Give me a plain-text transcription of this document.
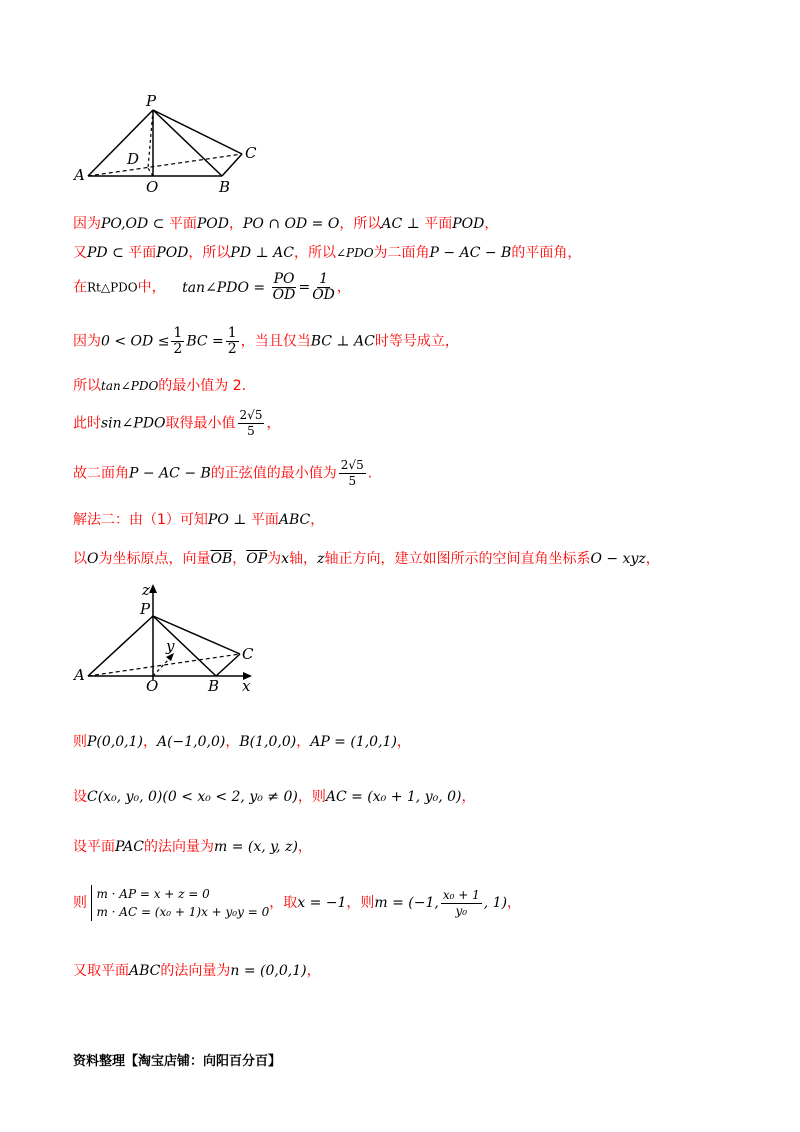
P
A
D
O	B
C
因为PO,OD ⊂ 平面POD，PO ∩ OD = O，所以AC ⊥ 平面POD，
又PD ⊂ 平面POD，所以PD ⊥ AC，所以∠PDO为二面角P − AC − B的平面角，
在Rt△PDO中， tan∠PDO = $\frac{PO}{OD} = \frac{1}{OD}$ ，
因为0 < OD ≤ $\frac{1}{2}$ BC = $\frac{1}{2}$ ，当且仅当BC ⊥ AC时等号成立，
所以tan∠PDO的最小值为 2.
此时sin∠PDO取得最小值 $\frac{2√5}{5}$ ，
故二面角P − AC − B的正弦值的最小值为 $\frac{2√5}{5}$ .
解法二：由（1）可知PO ⊥ 平面ABC，
以O为坐标原点，向量$\overline{OB}$，$\overline{OP}$为x轴，z轴正方向，建立如图所示的空间直角坐标系O − xyz，
z
P
y
A
O	B
C
x
则P(0,0,1)，A(−1,0,0)，B(1,0,0)，AP = (1,0,1)，
设C(x₀, y₀, 0)(0 < x₀ < 2, y₀ ≠ 0)，则AC = (x₀ + 1, y₀, 0)，
设平面PAC的法向量为m = (x, y, z)，
则
m · AP = x + z = 0
m · AC = (x₀ + 1)x + y₀y = 0
，取x = −1，则m = (−1, $\frac{\text{x₀ + 1}}{\text{y₀}}$ , 1)，
又取平面ABC的法向量为n = (0,0,1)，
资料整理【淘宝店铺：向阳百分百】
